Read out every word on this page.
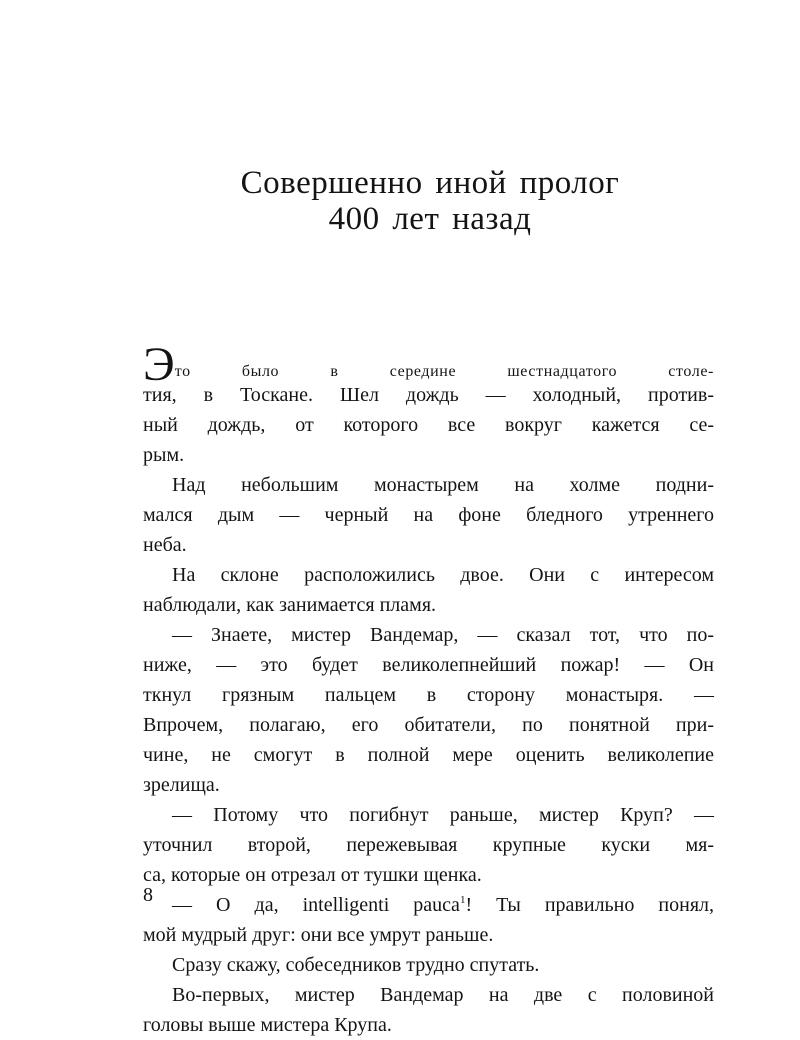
Совершенно иной пролог
400 лет назад
Это было в середине шестнадцатого столе-
тия, в Тоскане. Шел дождь — холодный, против-
ный дождь, от которого все вокруг кажется се-
рым.
Над небольшим монастырем на холме подни-
мался дым — черный на фоне бледного утреннего
неба.
На склоне расположились двое. Они с интересом
наблюдали, как занимается пламя.
— Знаете, мистер Вандемар, — сказал тот, что по-
ниже, — это будет великолепнейший пожар! — Он
ткнул грязным пальцем в сторону монастыря. —
Впрочем, полагаю, его обитатели, по понятной при-
чине, не смогут в полной мере оценить великолепие
зрелища.
— Потому что погибнут раньше, мистер Круп? —
уточнил второй, пережевывая крупные куски мя-
са, которые он отрезал от тушки щенка.
— О да, intelligenti pauca$^1$! Ты правильно понял,
мой мудрый друг: они все умрут раньше.
Сразу скажу, собеседников трудно спутать.
Во-первых, мистер Вандемар на две с половиной
головы выше мистера Крупа.
8
